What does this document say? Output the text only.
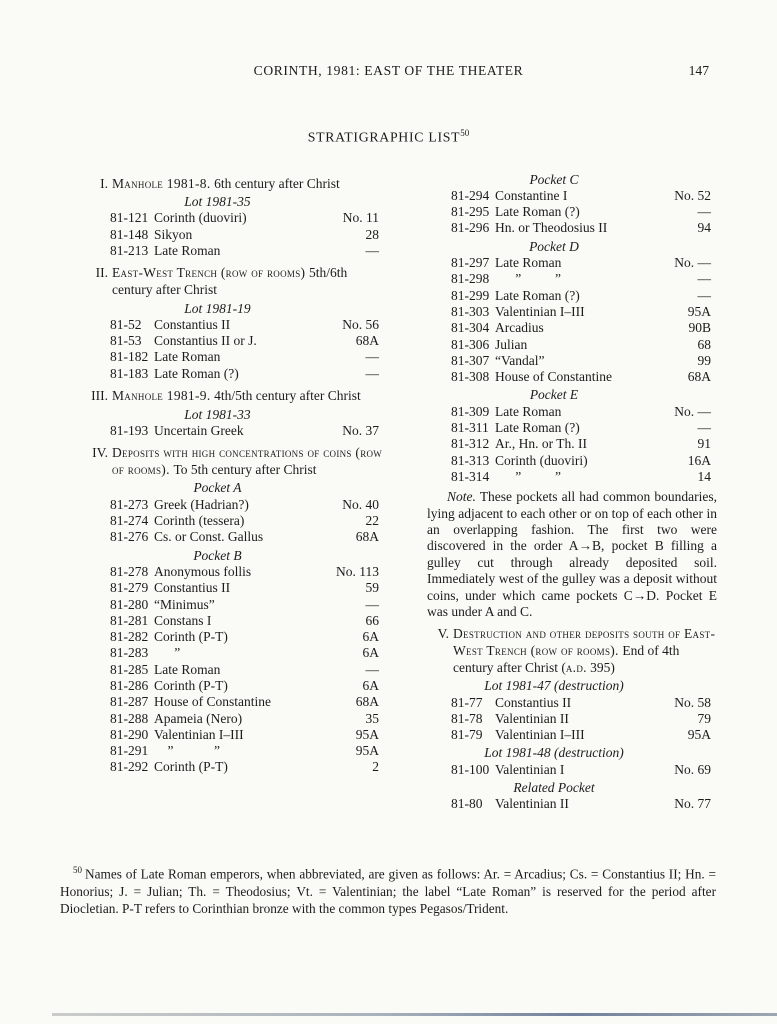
CORINTH, 1981: EAST OF THE THEATER	147
STRATIGRAPHIC LIST$^{50}$
I. Manhole 1981-8. 6th century after Christ
Lot 1981-35
81-121 Corinth (duoviri)	No. 11
81-148 Sikyon	28
81-213 Late Roman	—
II. East-West Trench (row of rooms) 5th/6th century after Christ
Lot 1981-19
81-52 Constantius II	No. 56
81-53 Constantius II or J.	68A
81-182 Late Roman	—
81-183 Late Roman (?)	—
III. Manhole 1981-9. 4th/5th century after Christ
Lot 1981-33
81-193 Uncertain Greek	No. 37
IV. Deposits with high concentrations of coins (row of rooms). To 5th century after Christ
Pocket A
81-273 Greek (Hadrian?)	No. 40
81-274 Corinth (tessera)	22
81-276 Cs. or Const. Gallus	68A
Pocket B
81-278 Anonymous follis	No. 113
81-279 Constantius II	59
81-280 “Minimus”	—
81-281 Constans I	66
81-282 Corinth (P-T)	6A
81-283 ”	6A
81-285 Late Roman	—
81-286 Corinth (P-T)	6A
81-287 House of Constantine	68A
81-288 Apameia (Nero)	35
81-290 Valentinian I–III	95A
81-291 ”            ”	95A
81-292 Corinth (P-T)	2
Pocket C
81-294 Constantine I	No. 52
81-295 Late Roman (?)	—
81-296 Hn. or Theodosius II	94
Pocket D
81-297 Late Roman	No. —
81-298 ”          ”	—
81-299 Late Roman (?)	—
81-303 Valentinian I–III	95A
81-304 Arcadius	90B
81-306 Julian	68
81-307 “Vandal”	99
81-308 House of Constantine	68A
Pocket E
81-309 Late Roman	No. —
81-311 Late Roman (?)	—
81-312 Ar., Hn. or Th. II	91
81-313 Corinth (duoviri)	16A
81-314 ”          ”	14

Note. These pockets all had common boundaries, lying adjacent to each other or on top of each other in an overlapping fashion. The first two were discovered in the order A→B, pocket B filling a gulley cut through already deposited soil. Immediately west of the gulley was a deposit without coins, under which came pockets C→D. Pocket E was under A and C.

V. Destruction and other deposits south of East-West Trench (row of rooms). End of 4th century after Christ (a.d. 395)
Lot 1981-47 (destruction)
81-77 Constantius II	No. 58
81-78 Valentinian II	79
81-79 Valentinian I–III	95A
Lot 1981-48 (destruction)
81-100 Valentinian I	No. 69
Related Pocket
81-80 Valentinian II	No. 77

$^{50}$ Names of Late Roman emperors, when abbreviated, are given as follows: Ar. = Arcadius; Cs. = Constantius II; Hn. = Honorius; J. = Julian; Th. = Theodosius; Vt. = Valentinian; the label “Late Roman” is reserved for the period after Diocletian. P-T refers to Corinthian bronze with the common types Pegasos/Trident.
